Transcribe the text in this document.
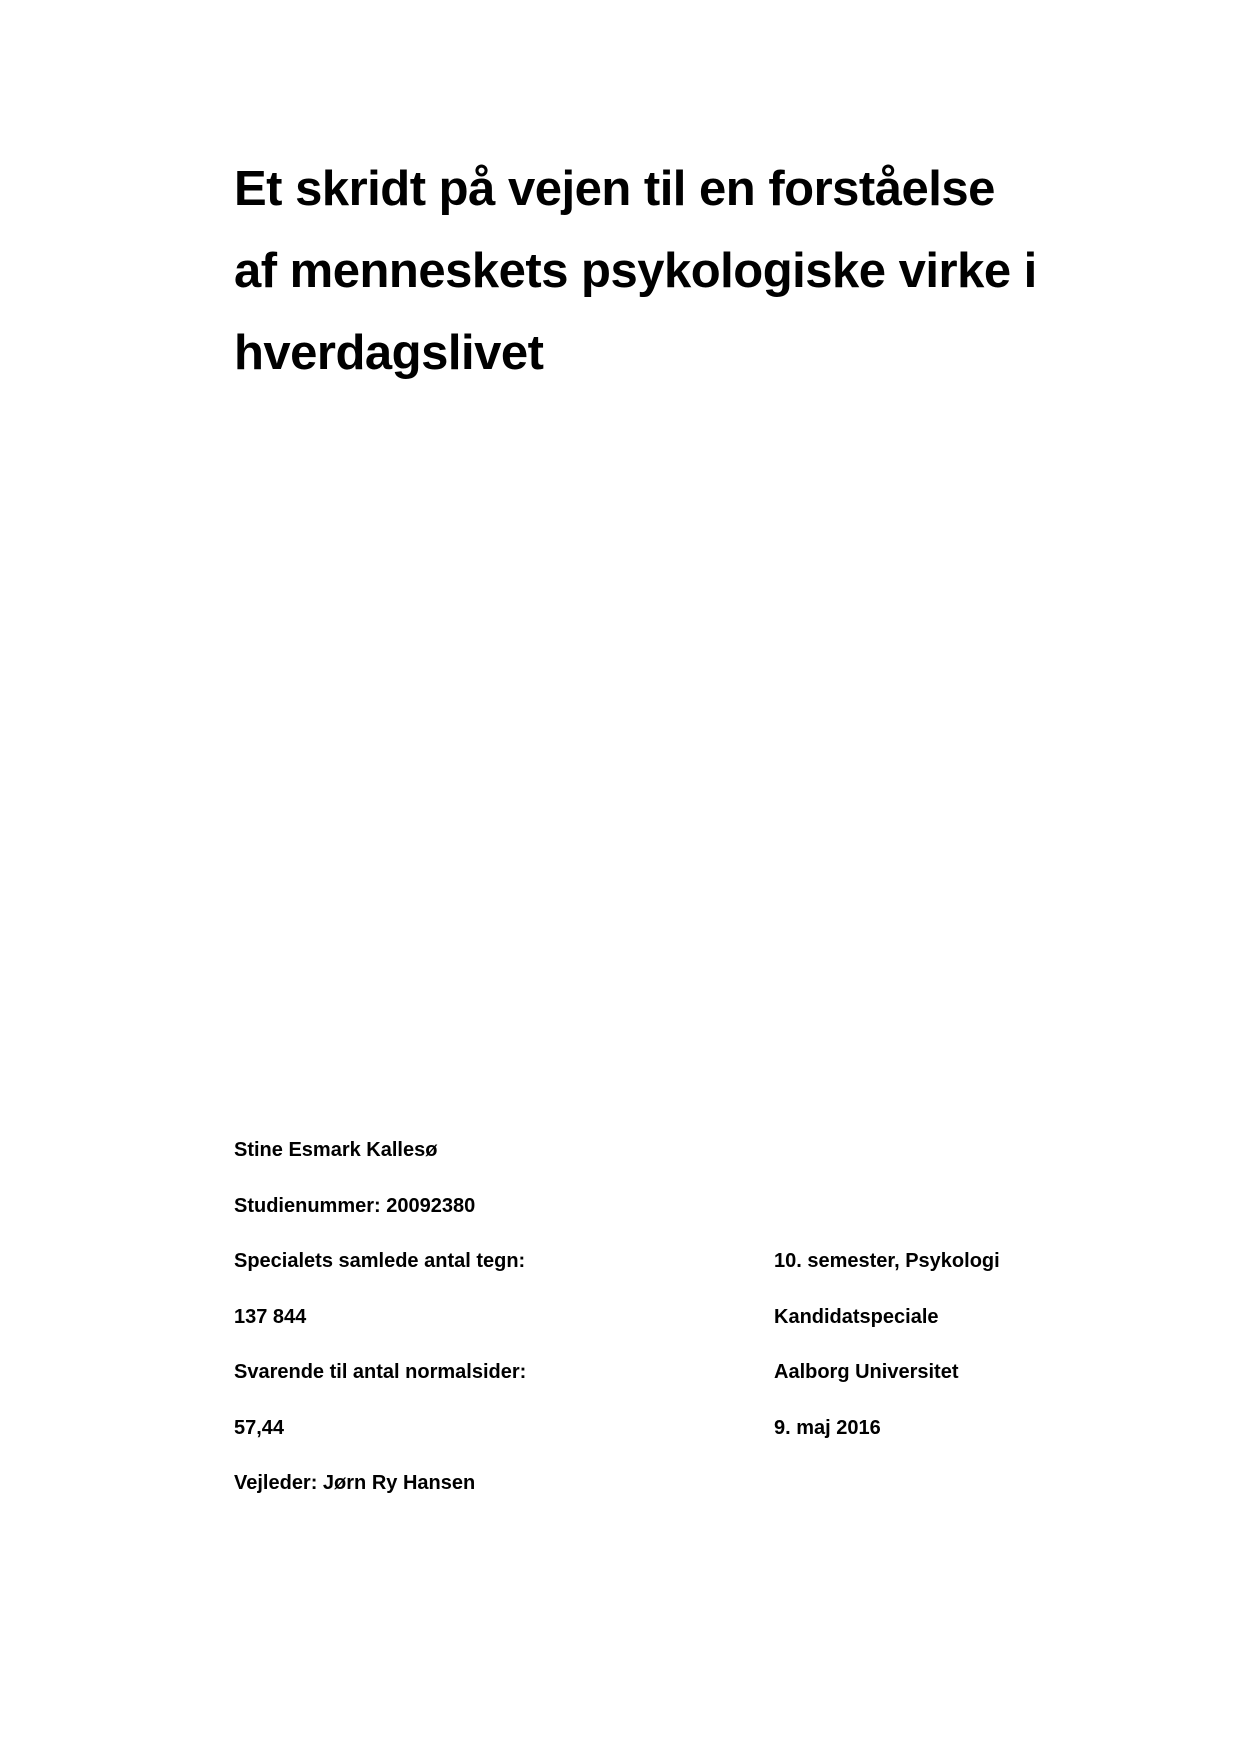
Et skridt på vejen til en forståelse
af menneskets psykologiske virke i
hverdagslivet
Stine Esmark Kallesø
Studienummer: 20092380
Specialets samlede antal tegn:
137 844
Svarende til antal normalsider:
57,44
Vejleder: Jørn Ry Hansen
10. semester, Psykologi
Kandidatspeciale
Aalborg Universitet
9. maj 2016
